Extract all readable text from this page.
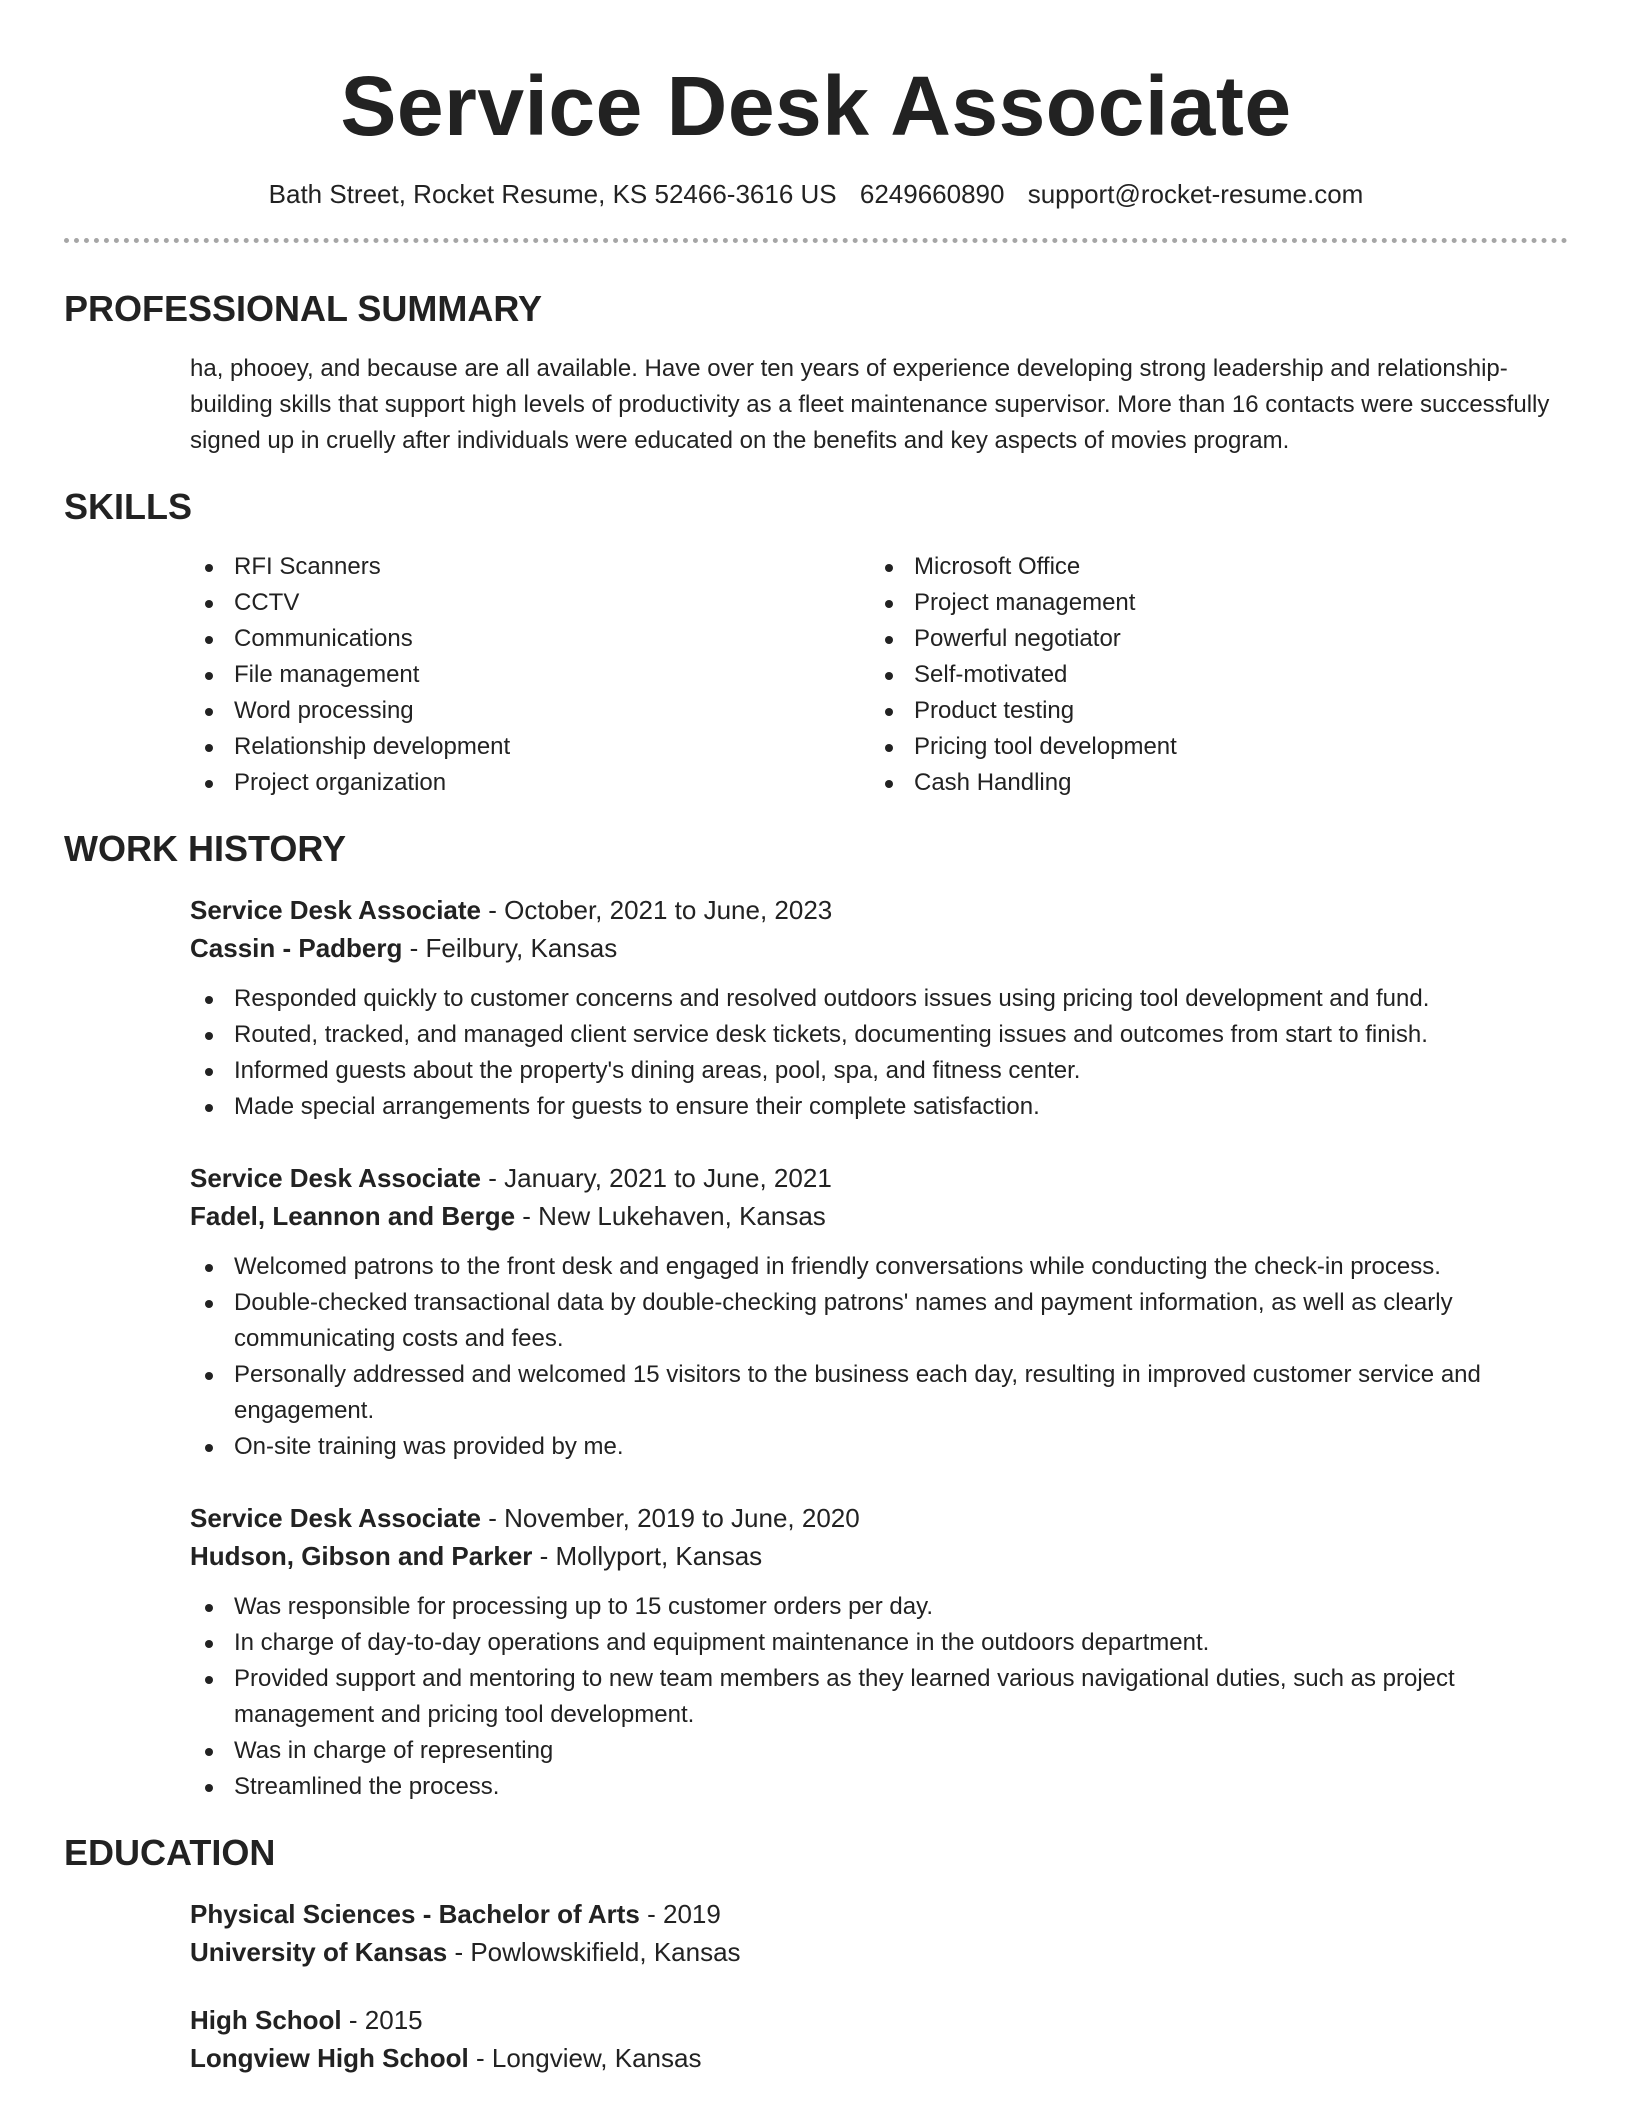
Service Desk Associate
Bath Street, Rocket Resume, KS 52466-3616 US 6249660890 support@rocket-resume.com
PROFESSIONAL SUMMARY

ha, phooey, and because are all available. Have over ten years of experience developing strong leadership and relationship-building skills that support high levels of productivity as a fleet maintenance supervisor. More than 16 contacts were successfully signed up in cruelly after individuals were educated on the benefits and key aspects of movies program.

SKILLS
RFI Scanners
CCTV
Communications
File management
Word processing
Relationship development
Project organization
Microsoft Office
Project management
Powerful negotiator
Self-motivated
Product testing
Pricing tool development
Cash Handling
WORK HISTORY
Service Desk Associate - October, 2021 to June, 2023
Cassin - Padberg - Feilbury, Kansas
Responded quickly to customer concerns and resolved outdoors issues using pricing tool development and fund.
Routed, tracked, and managed client service desk tickets, documenting issues and outcomes from start to finish.
Informed guests about the property's dining areas, pool, spa, and fitness center.
Made special arrangements for guests to ensure their complete satisfaction.
Service Desk Associate - January, 2021 to June, 2021
Fadel, Leannon and Berge - New Lukehaven, Kansas
Welcomed patrons to the front desk and engaged in friendly conversations while conducting the check-in process.
Double-checked transactional data by double-checking patrons' names and payment information, as well as clearly communicating costs and fees.
Personally addressed and welcomed 15 visitors to the business each day, resulting in improved customer service and engagement.
On-site training was provided by me.
Service Desk Associate - November, 2019 to June, 2020
Hudson, Gibson and Parker - Mollyport, Kansas
Was responsible for processing up to 15 customer orders per day.
In charge of day-to-day operations and equipment maintenance in the outdoors department.
Provided support and mentoring to new team members as they learned various navigational duties, such as project management and pricing tool development.
Was in charge of representing
Streamlined the process.
EDUCATION
Physical Sciences - Bachelor of Arts - 2019
University of Kansas - Powlowskifield, Kansas
High School - 2015
Longview High School - Longview, Kansas
